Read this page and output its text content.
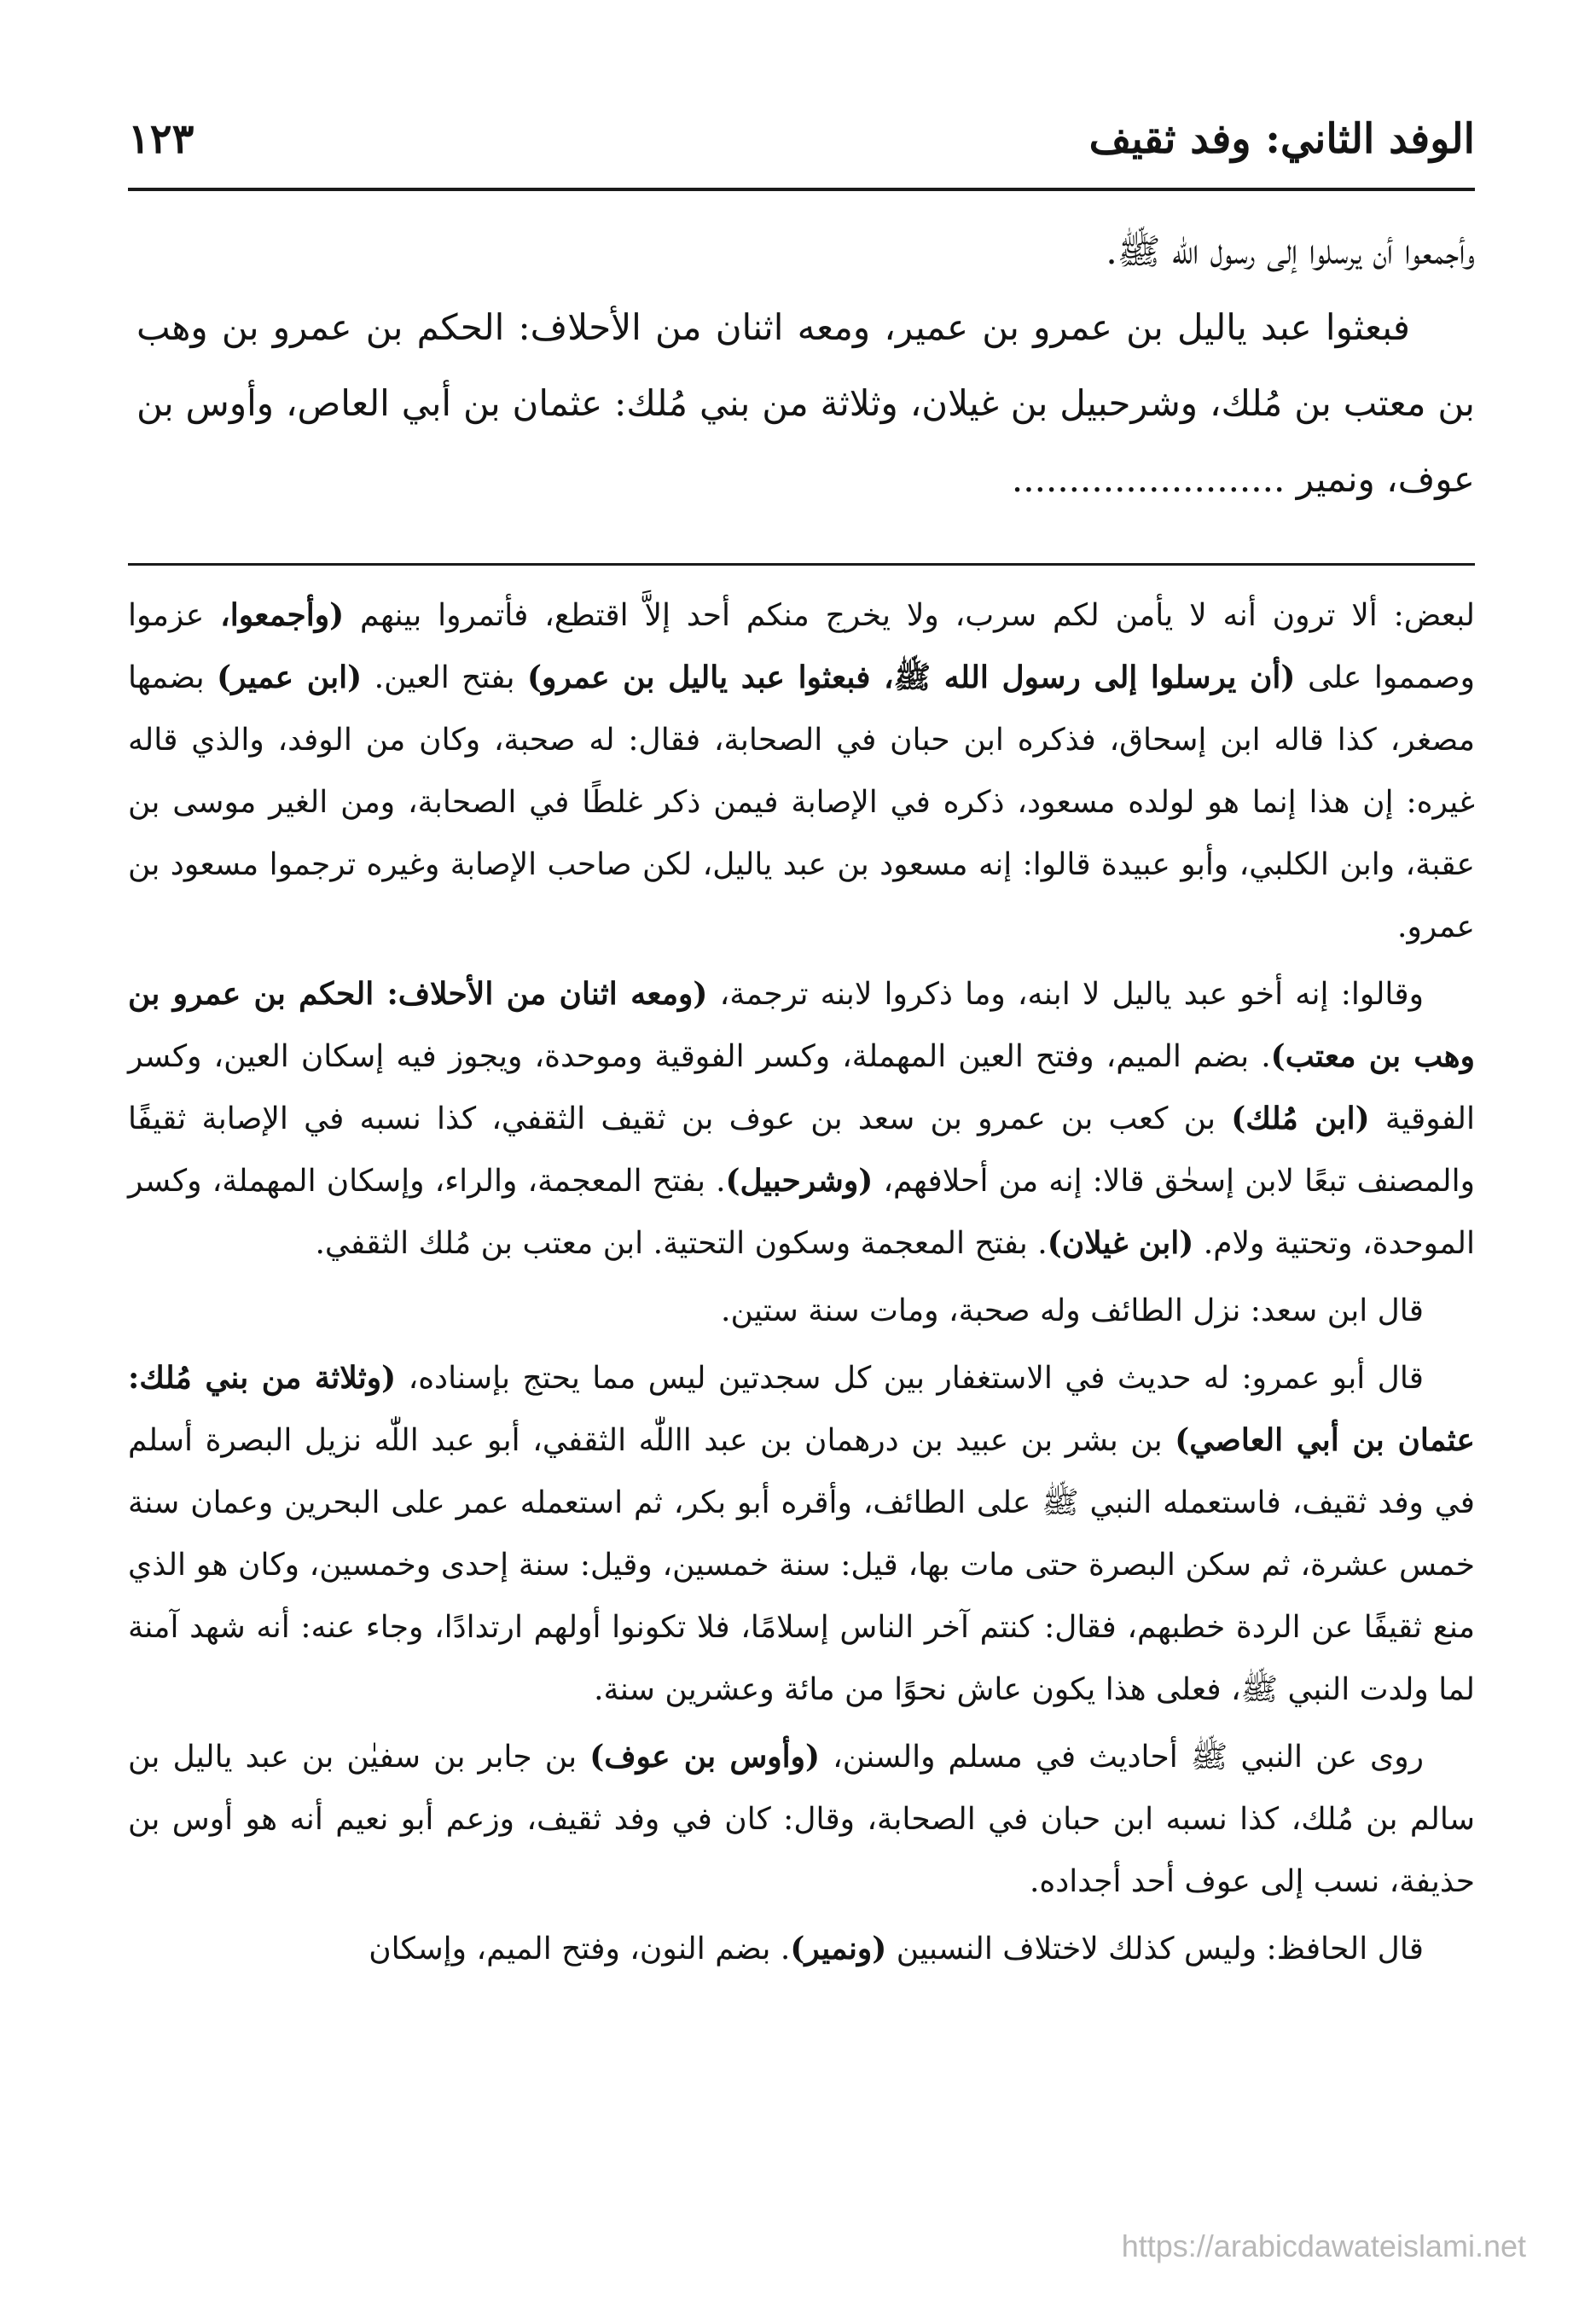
الوفد الثاني: وفد ثقيف
١٢٣

وأجمعوا أن يرسلوا إلى رسول الله ﷺ.

فبعثوا عبد ياليل بن عمرو بن عمير، ومعه اثنان من الأحلاف: الحكم بن عمرو بن وهب بن معتب بن مُلك، وشرحبيل بن غيلان، وثلاثة من بني مُلك: عثمان بن أبي العاص، وأوس بن عوف، ونمير ........................

لبعض: ألا ترون أنه لا يأمن لكم سرب، ولا يخرج منكم أحد إلاَّ اقتطع، فأتمروا بينهم (وأجمعوا، عزموا وصمموا على (أن يرسلوا إلى رسول الله ﷺ، فبعثوا عبد ياليل بن عمرو) بفتح العين. (ابن عمير) بضمها مصغر، كذا قاله ابن إسحاق، فذكره ابن حبان في الصحابة، فقال: له صحبة، وكان من الوفد، والذي قاله غيره: إن هذا إنما هو لولده مسعود، ذكره في الإصابة فيمن ذكر غلطًا في الصحابة، ومن الغير موسى بن عقبة، وابن الكلبي، وأبو عبيدة قالوا: إنه مسعود بن عبد ياليل، لكن صاحب الإصابة وغيره ترجموا مسعود بن عمرو.

وقالوا: إنه أخو عبد ياليل لا ابنه، وما ذكروا لابنه ترجمة، (ومعه اثنان من الأحلاف: الحكم بن عمرو بن وهب بن معتب). بضم الميم، وفتح العين المهملة، وكسر الفوقية وموحدة، ويجوز فيه إسكان العين، وكسر الفوقية (ابن مُلك) بن كعب بن عمرو بن سعد بن عوف بن ثقيف الثقفي، كذا نسبه في الإصابة ثقيفًا والمصنف تبعًا لابن إسحٰق قالا: إنه من أحلافهم، (وشرحبيل). بفتح المعجمة، والراء، وإسكان المهملة، وكسر الموحدة، وتحتية ولام. (ابن غيلان). بفتح المعجمة وسكون التحتية. ابن معتب بن مُلك الثقفي.

قال ابن سعد: نزل الطائف وله صحبة، ومات سنة ستين.

قال أبو عمرو: له حديث في الاستغفار بين كل سجدتين ليس مما يحتج بإسناده، (وثلاثة من بني مُلك: عثمان بن أبي العاصي) بن بشر بن عبيد بن درهمان بن عبد االلّٰه الثقفي، أبو عبد اللّٰه نزيل البصرة أسلم في وفد ثقيف، فاستعمله النبي ﷺ على الطائف، وأقره أبو بكر، ثم استعمله عمر على البحرين وعمان سنة خمس عشرة، ثم سكن البصرة حتى مات بها، قيل: سنة خمسين، وقيل: سنة إحدى وخمسين، وكان هو الذي منع ثقيفًا عن الردة خطبهم، فقال: كنتم آخر الناس إسلامًا، فلا تكونوا أولهم ارتدادًا، وجاء عنه: أنه شهد آمنة لما ولدت النبي ﷺ، فعلى هذا يكون عاش نحوًا من مائة وعشرين سنة.

روى عن النبي ﷺ أحاديث في مسلم والسنن، (وأوس بن عوف) بن جابر بن سفيٰن بن عبد ياليل بن سالم بن مُلك، كذا نسبه ابن حبان في الصحابة، وقال: كان في وفد ثقيف، وزعم أبو نعيم أنه هو أوس بن حذيفة، نسب إلى عوف أحد أجداده.

قال الحافظ: وليس كذلك لاختلاف النسبين (ونمير). بضم النون، وفتح الميم، وإسكان

https://arabicdawateislami.net
